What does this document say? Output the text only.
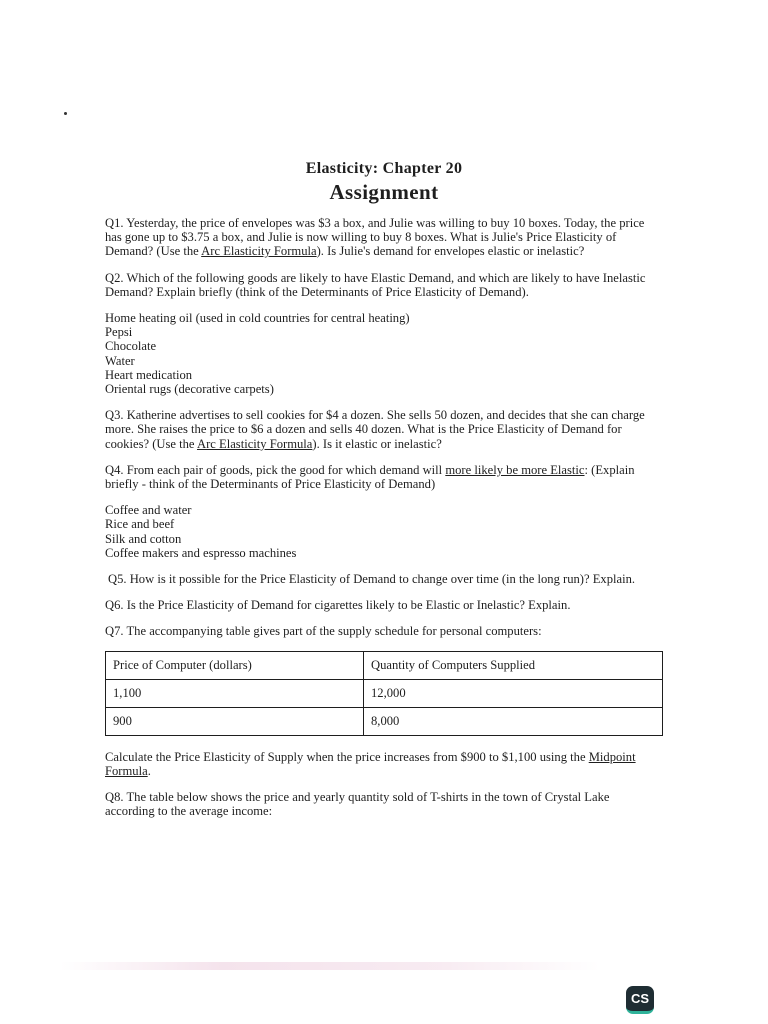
Elasticity: Chapter 20

Assignment

Q1. Yesterday, the price of envelopes was $3 a box, and Julie was willing to buy 10 boxes. Today, the price has gone up to $3.75 a box, and Julie is now willing to buy 8 boxes. What is Julie's Price Elasticity of Demand? (Use the Arc Elasticity Formula). Is Julie's demand for envelopes elastic or inelastic?

Q2. Which of the following goods are likely to have Elastic Demand, and which are likely to have Inelastic Demand? Explain briefly (think of the Determinants of Price Elasticity of Demand).

Home heating oil (used in cold countries for central heating)
Pepsi
Chocolate
Water
Heart medication
Oriental rugs (decorative carpets)

Q3. Katherine advertises to sell cookies for $4 a dozen. She sells 50 dozen, and decides that she can charge more. She raises the price to $6 a dozen and sells 40 dozen. What is the Price Elasticity of Demand for cookies? (Use the Arc Elasticity Formula). Is it elastic or inelastic?

Q4. From each pair of goods, pick the good for which demand will more likely be more Elastic: (Explain briefly - think of the Determinants of Price Elasticity of Demand)

Coffee and water
Rice and beef
Silk and cotton
Coffee makers and espresso machines

Q5. How is it possible for the Price Elasticity of Demand to change over time (in the long run)? Explain.

Q6. Is the Price Elasticity of Demand for cigarettes likely to be Elastic or Inelastic? Explain.

Q7. The accompanying table gives part of the supply schedule for personal computers:

Price of Computer (dollars)	Quantity of Computers Supplied
1,100	12,000
900	8,000

Calculate the Price Elasticity of Supply when the price increases from $900 to $1,100 using the Midpoint Formula.

Q8. The table below shows the price and yearly quantity sold of T-shirts in the town of Crystal Lake according to the average income:

CS
